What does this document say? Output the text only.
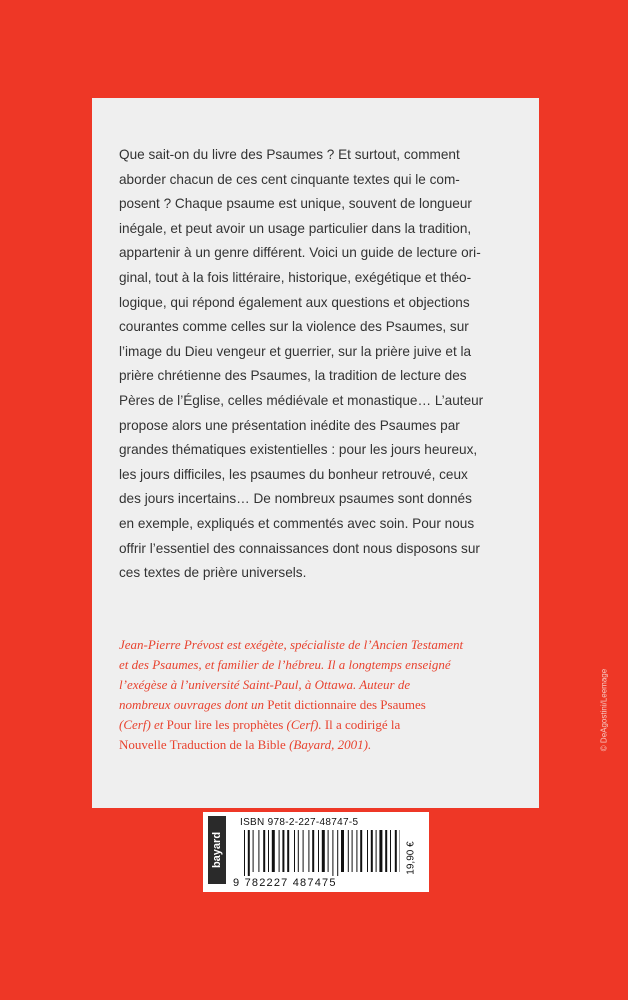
Que sait-on du livre des Psaumes ? Et surtout, comment
aborder chacun de ces cent cinquante textes qui le com-
posent ? Chaque psaume est unique, souvent de longueur
inégale, et peut avoir un usage particulier dans la tradition,
appartenir à un genre différent. Voici un guide de lecture ori-
ginal, tout à la fois littéraire, historique, exégétique et théo-
logique, qui répond également aux questions et objections
courantes comme celles sur la violence des Psaumes, sur
l’image du Dieu vengeur et guerrier, sur la prière juive et la
prière chrétienne des Psaumes, la tradition de lecture des
Pères de l’Église, celles médiévale et monastique… L’auteur
propose alors une présentation inédite des Psaumes par
grandes thématiques existentielles : pour les jours heureux,
les jours difficiles, les psaumes du bonheur retrouvé, ceux
des jours incertains… De nombreux psaumes sont donnés
en exemple, expliqués et commentés avec soin. Pour nous
offrir l’essentiel des connaissances dont nous disposons sur
ces textes de prière universels.

Jean-Pierre Prévost est exégète, spécialiste de l’Ancien Testament
et des Psaumes, et familier de l’hébreu. Il a longtemps enseigné
l’exégèse à l’université Saint-Paul, à Ottawa. Auteur de
nombreux ouvrages dont un Petit dictionnaire des Psaumes
(Cerf) et Pour lire les prophètes (Cerf). Il a codirigé la
Nouvelle Traduction de la Bible (Bayard, 2001).

bayard
ISBN 978-2-227-48747-5
9 782227 487475
19,90 €
© DeAgostini/Leemage
